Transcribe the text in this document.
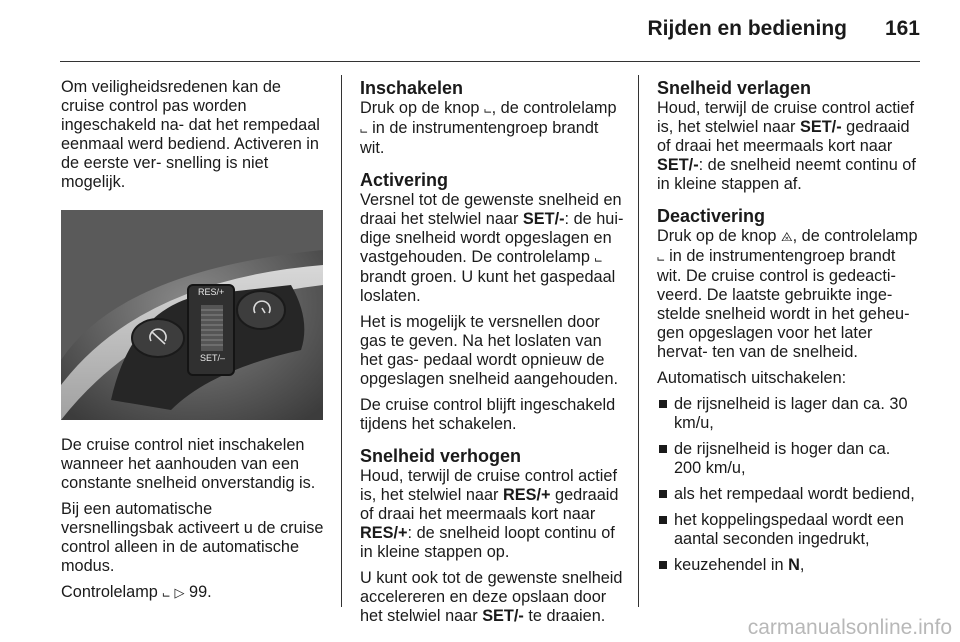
Rijden en bediening 161

Om veiligheidsredenen kan de cruise control pas worden ingeschakeld na- dat het rempedaal eenmaal werd bediend. Activeren in de eerste ver- snelling is niet mogelijk.

RES/+
SET/–

De cruise control niet inschakelen wanneer het aanhouden van een constante snelheid onverstandig is.

Bij een automatische versnellingsbak activeert u de cruise control alleen in de automatische modus.

Controlelamp ⨽ ▷ 99.

Inschakelen

Druk op de knop ⨽, de controlelamp ⨽ in de instrumentengroep brandt wit.

Activering

Versnel tot de gewenste snelheid en draai het stelwiel naar SET/-: de hui- dige snelheid wordt opgeslagen en vastgehouden. De controlelamp ⨽ brandt groen. U kunt het gaspedaal loslaten.

Het is mogelijk te versnellen door gas te geven. Na het loslaten van het gas- pedaal wordt opnieuw de opgeslagen snelheid aangehouden.

De cruise control blijft ingeschakeld tijdens het schakelen.

Snelheid verhogen

Houd, terwijl de cruise control actief is, het stelwiel naar RES/+ gedraaid of draai het meermaals kort naar RES/+: de snelheid loopt continu of in kleine stappen op.

U kunt ook tot de gewenste snelheid accelereren en deze opslaan door het stelwiel naar SET/- te draaien.

Snelheid verlagen

Houd, terwijl de cruise control actief is, het stelwiel naar SET/- gedraaid of draai het meermaals kort naar SET/-: de snelheid neemt continu of in kleine stappen af.

Deactivering

Druk op de knop ⨻, de controlelamp ⨽ in de instrumentengroep brandt wit. De cruise control is gedeacti- veerd. De laatste gebruikte inge- stelde snelheid wordt in het geheu- gen opgeslagen voor het later hervat- ten van de snelheid.

Automatisch uitschakelen:

de rijsnelheid is lager dan ca. 30 km/u,
de rijsnelheid is hoger dan ca. 200 km/u,
als het rempedaal wordt bediend,
het koppelingspedaal wordt een aantal seconden ingedrukt,
keuzehendel in N,
carmanualsonline.info
